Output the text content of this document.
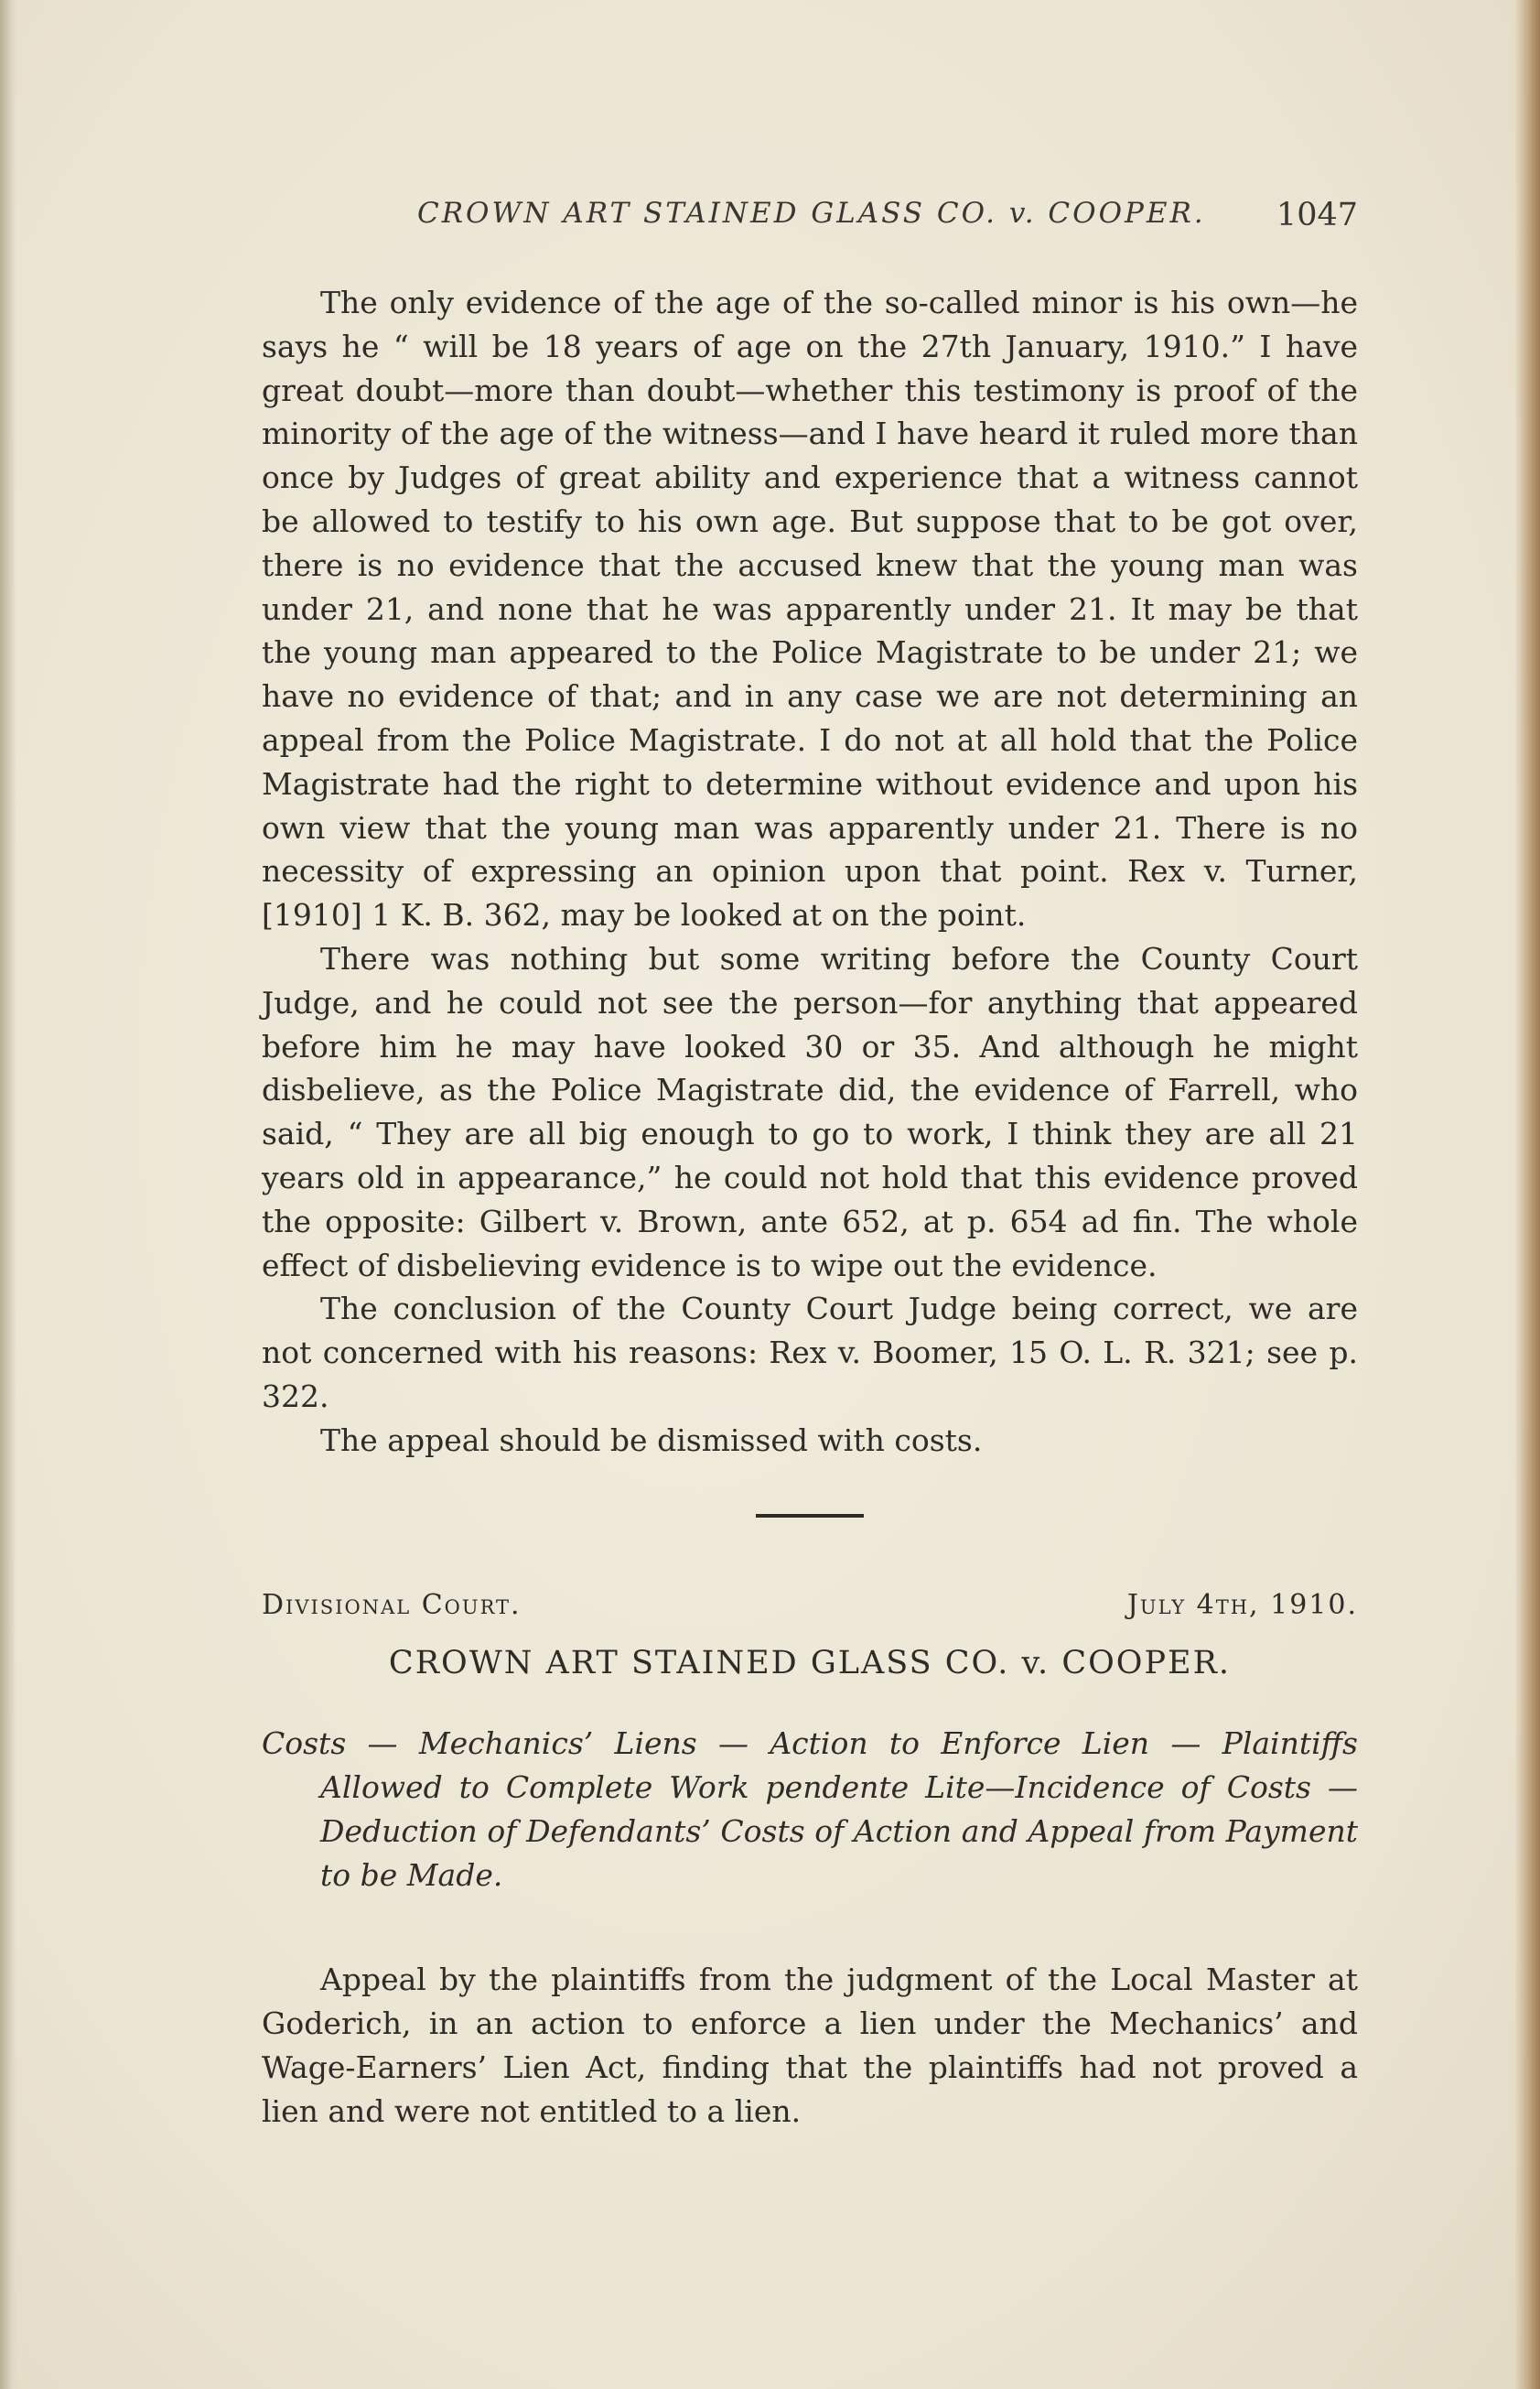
CROWN ART STAINED GLASS CO. v. COOPER. 1047

The only evidence of the age of the so-called minor is his own—he says he “ will be 18 years of age on the 27th January, 1910.” I have great doubt—more than doubt—whether this testimony is proof of the minority of the age of the witness—and I have heard it ruled more than once by Judges of great ability and experience that a witness cannot be allowed to testify to his own age. But suppose that to be got over, there is no evidence that the accused knew that the young man was under 21, and none that he was apparently under 21. It may be that the young man appeared to the Police Magistrate to be under 21; we have no evidence of that; and in any case we are not determining an appeal from the Police Magistrate. I do not at all hold that the Police Magistrate had the right to determine without evidence and upon his own view that the young man was apparently under 21. There is no necessity of expressing an opinion upon that point. Rex v. Turner, [1910] 1 K. B. 362, may be looked at on the point.

There was nothing but some writing before the County Court Judge, and he could not see the person—for anything that appeared before him he may have looked 30 or 35. And although he might disbelieve, as the Police Magistrate did, the evidence of Farrell, who said, “ They are all big enough to go to work, I think they are all 21 years old in appearance,” he could not hold that this evidence proved the opposite: Gilbert v. Brown, ante 652, at p. 654 ad fin. The whole effect of disbelieving evidence is to wipe out the evidence.

The conclusion of the County Court Judge being correct, we are not concerned with his reasons: Rex v. Boomer, 15 O. L. R. 321; see p. 322.

The appeal should be dismissed with costs.

Divisional Court.	July 4th, 1910.
CROWN ART STAINED GLASS CO. v. COOPER.
Costs — Mechanics’ Liens — Action to Enforce Lien — Plaintiffs Allowed to Complete Work pendente Lite—Incidence of Costs —Deduction of Defendants’ Costs of Action and Appeal from Payment to be Made.
Appeal by the plaintiffs from the judgment of the Local Master at Goderich, in an action to enforce a lien under the Mechanics’ and Wage-Earners’ Lien Act, finding that the plaintiffs had not proved a lien and were not entitled to a lien.
